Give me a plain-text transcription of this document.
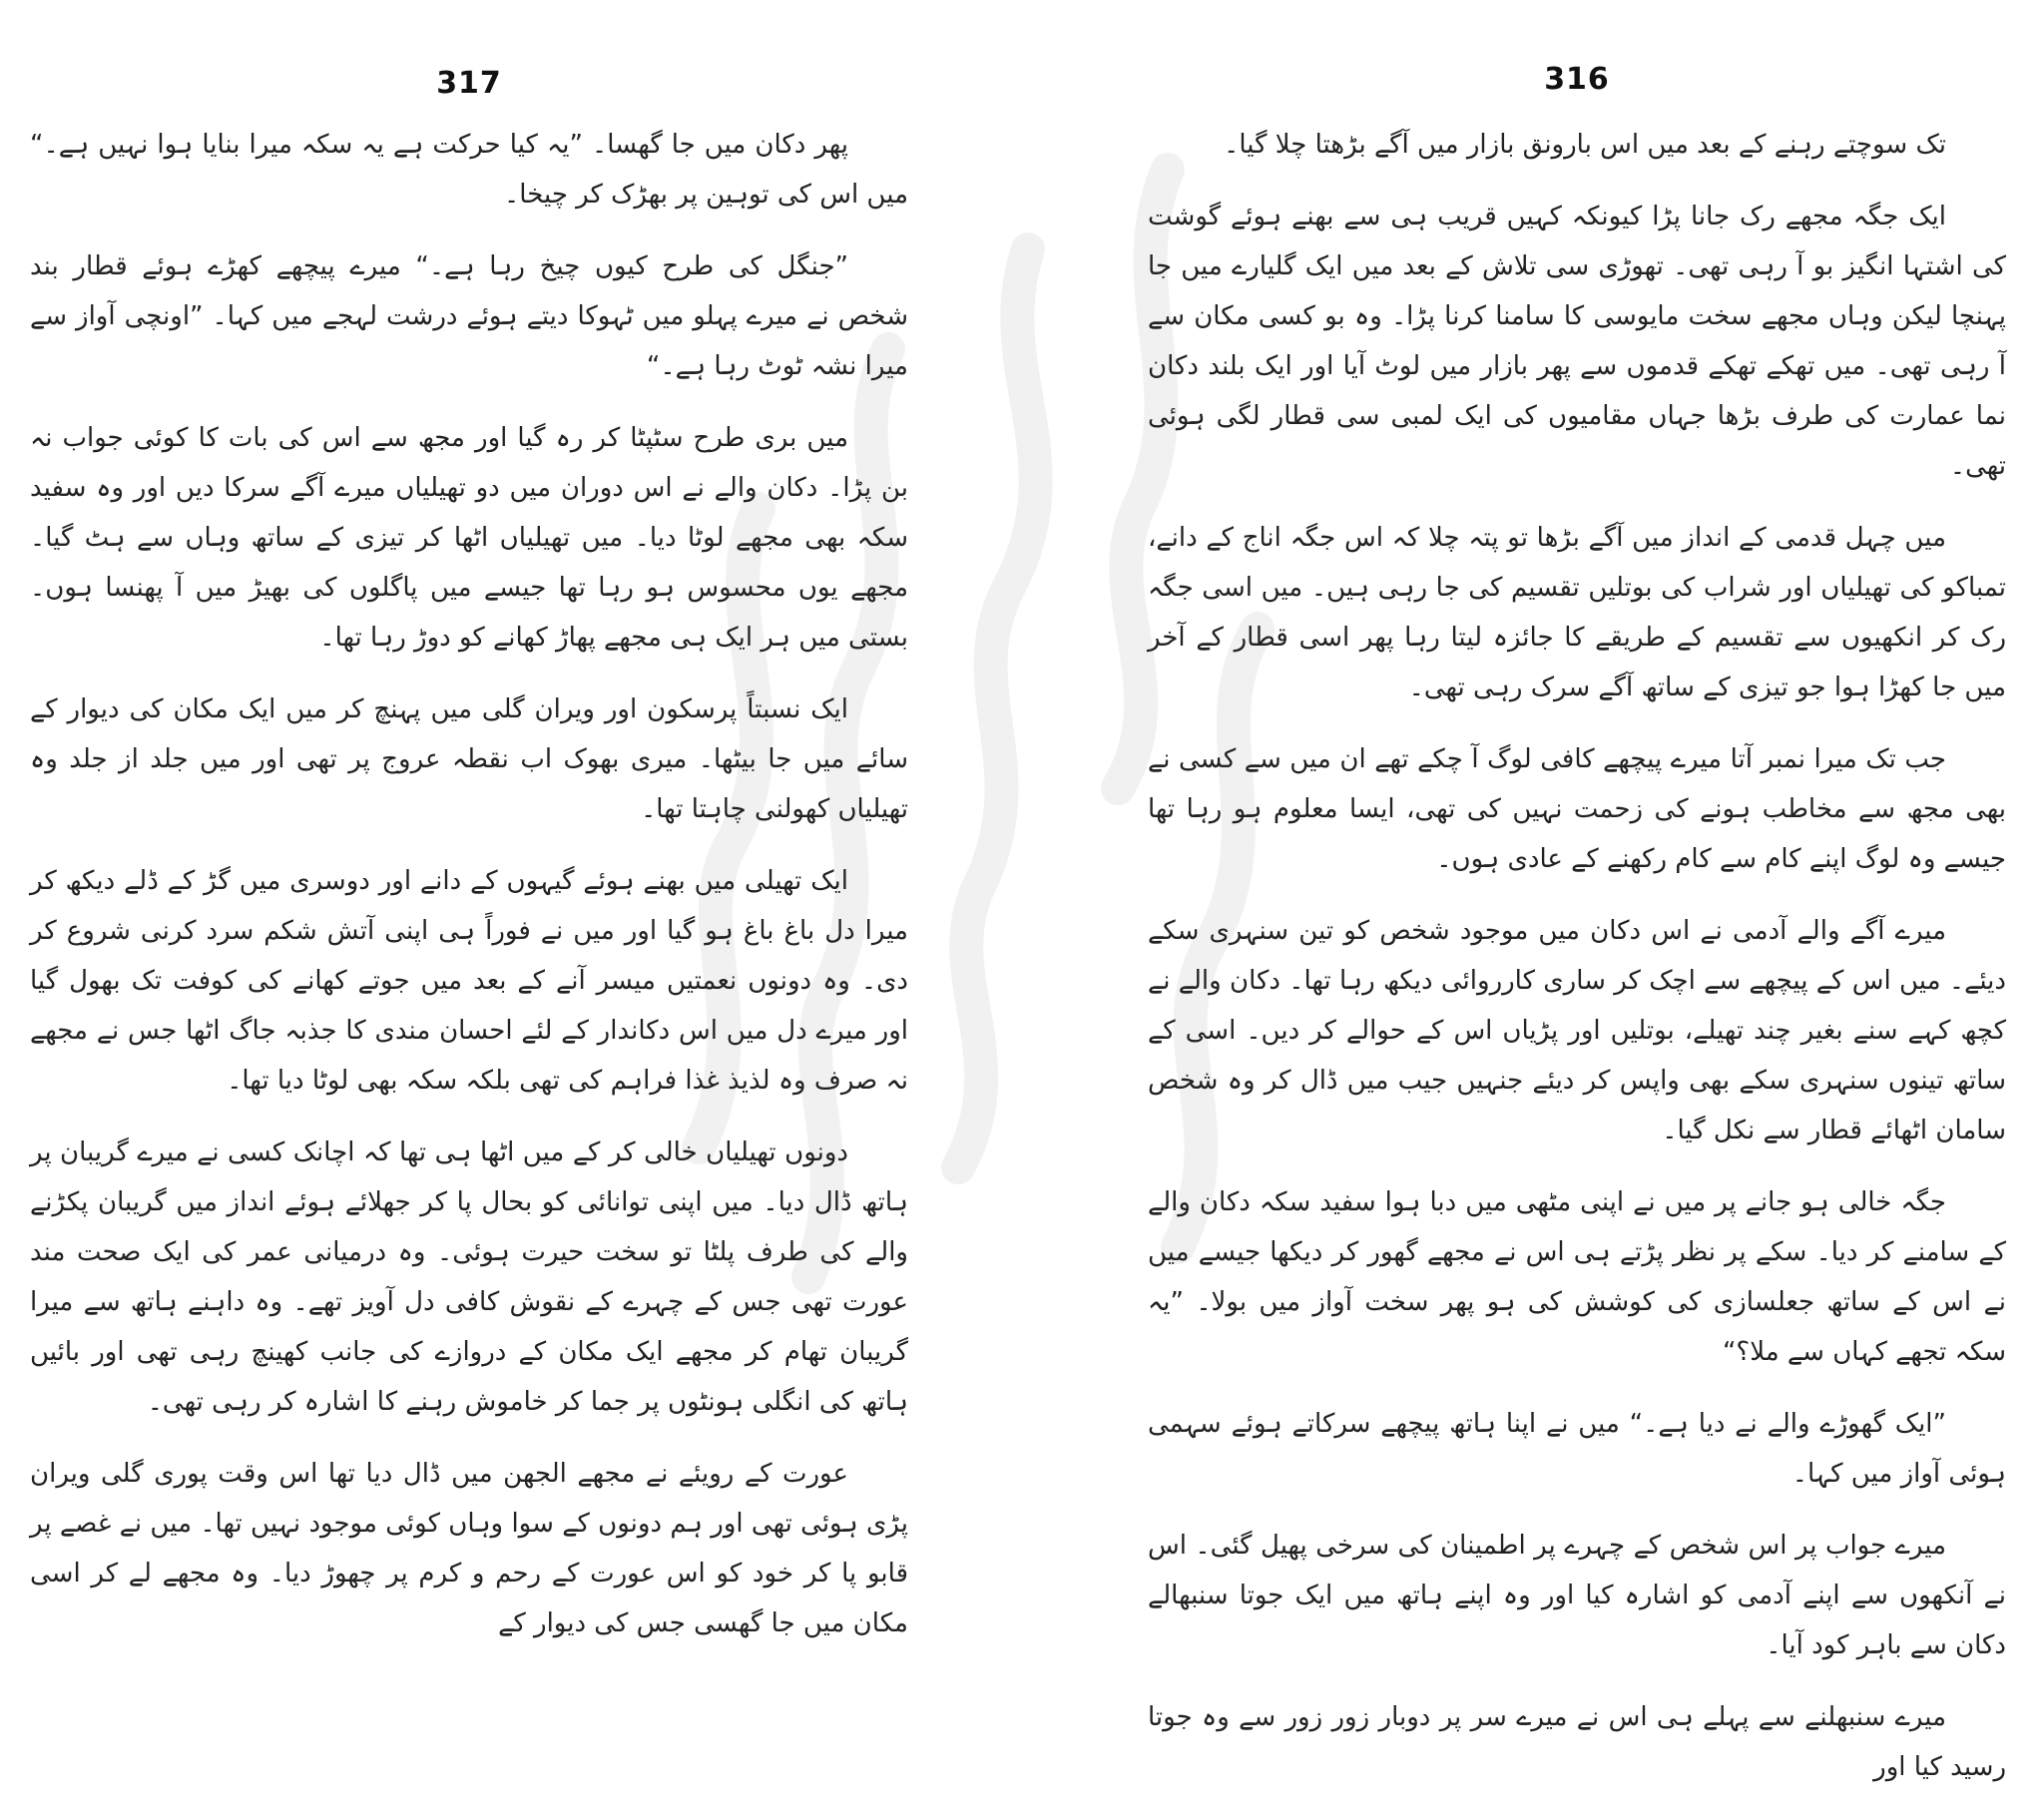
317

پھر دکان میں جا گھسا۔ ”یہ کیا حرکت ہے یہ سکہ میرا بنایا ہوا نہیں ہے۔“ میں اس کی توہین پر بھڑک کر چیخا۔

”جنگل کی طرح کیوں چیخ رہا ہے۔“ میرے پیچھے کھڑے ہوئے قطار بند شخص نے میرے پہلو میں ٹہوکا دیتے ہوئے درشت لہجے میں کہا۔ ”اونچی آواز سے میرا نشہ ٹوٹ رہا ہے۔“

میں بری طرح سٹپٹا کر رہ گیا اور مجھ سے اس کی بات کا کوئی جواب نہ بن پڑا۔ دکان والے نے اس دوران میں دو تھیلیاں میرے آگے سرکا دیں اور وہ سفید سکہ بھی مجھے لوٹا دیا۔ میں تھیلیاں اٹھا کر تیزی کے ساتھ وہاں سے ہٹ گیا۔ مجھے یوں محسوس ہو رہا تھا جیسے میں پاگلوں کی بھیڑ میں آ پھنسا ہوں۔ بستی میں ہر ایک ہی مجھے پھاڑ کھانے کو دوڑ رہا تھا۔

ایک نسبتاً پرسکون اور ویران گلی میں پہنچ کر میں ایک مکان کی دیوار کے سائے میں جا بیٹھا۔ میری بھوک اب نقطہ عروج پر تھی اور میں جلد از جلد وہ تھیلیاں کھولنی چاہتا تھا۔

ایک تھیلی میں بھنے ہوئے گیہوں کے دانے اور دوسری میں گڑ کے ڈلے دیکھ کر میرا دل باغ باغ ہو گیا اور میں نے فوراً ہی اپنی آتش شکم سرد کرنی شروع کر دی۔ وہ دونوں نعمتیں میسر آنے کے بعد میں جوتے کھانے کی کوفت تک بھول گیا اور میرے دل میں اس دکاندار کے لئے احسان مندی کا جذبہ جاگ اٹھا جس نے مجھے نہ صرف وہ لذیذ غذا فراہم کی تھی بلکہ سکہ بھی لوٹا دیا تھا۔

دونوں تھیلیاں خالی کر کے میں اٹھا ہی تھا کہ اچانک کسی نے میرے گریبان پر ہاتھ ڈال دیا۔ میں اپنی توانائی کو بحال پا کر جھلائے ہوئے انداز میں گریبان پکڑنے والے کی طرف پلٹا تو سخت حیرت ہوئی۔ وہ درمیانی عمر کی ایک صحت مند عورت تھی جس کے چہرے کے نقوش کافی دل آویز تھے۔ وہ داہنے ہاتھ سے میرا گریبان تھام کر مجھے ایک مکان کے دروازے کی جانب کھینچ رہی تھی اور بائیں ہاتھ کی انگلی ہونٹوں پر جما کر خاموش رہنے کا اشارہ کر رہی تھی۔

عورت کے رویئے نے مجھے الجھن میں ڈال دیا تھا اس وقت پوری گلی ویران پڑی ہوئی تھی اور ہم دونوں کے سوا وہاں کوئی موجود نہیں تھا۔ میں نے غصے پر قابو پا کر خود کو اس عورت کے رحم و کرم پر چھوڑ دیا۔ وہ مجھے لے کر اسی مکان میں جا گھسی جس کی دیوار کے

316

تک سوچتے رہنے کے بعد میں اس بارونق بازار میں آگے بڑھتا چلا گیا۔

ایک جگہ مجھے رک جانا پڑا کیونکہ کہیں قریب ہی سے بھنے ہوئے گوشت کی اشتہا انگیز بو آ رہی تھی۔ تھوڑی سی تلاش کے بعد میں ایک گلیارے میں جا پہنچا لیکن وہاں مجھے سخت مایوسی کا سامنا کرنا پڑا۔ وہ بو کسی مکان سے آ رہی تھی۔ میں تھکے تھکے قدموں سے پھر بازار میں لوٹ آیا اور ایک بلند دکان نما عمارت کی طرف بڑھا جہاں مقامیوں کی ایک لمبی سی قطار لگی ہوئی تھی۔

میں چہل قدمی کے انداز میں آگے بڑھا تو پتہ چلا کہ اس جگہ اناج کے دانے، تمباکو کی تھیلیاں اور شراب کی بوتلیں تقسیم کی جا رہی ہیں۔ میں اسی جگہ رک کر انکھیوں سے تقسیم کے طریقے کا جائزہ لیتا رہا پھر اسی قطار کے آخر میں جا کھڑا ہوا جو تیزی کے ساتھ آگے سرک رہی تھی۔

جب تک میرا نمبر آتا میرے پیچھے کافی لوگ آ چکے تھے ان میں سے کسی نے بھی مجھ سے مخاطب ہونے کی زحمت نہیں کی تھی، ایسا معلوم ہو رہا تھا جیسے وہ لوگ اپنے کام سے کام رکھنے کے عادی ہوں۔

میرے آگے والے آدمی نے اس دکان میں موجود شخص کو تین سنہری سکے دیئے۔ میں اس کے پیچھے سے اچک کر ساری کارروائی دیکھ رہا تھا۔ دکان والے نے کچھ کہے سنے بغیر چند تھیلے، بوتلیں اور پڑیاں اس کے حوالے کر دیں۔ اسی کے ساتھ تینوں سنہری سکے بھی واپس کر دیئے جنہیں جیب میں ڈال کر وہ شخص سامان اٹھائے قطار سے نکل گیا۔

جگہ خالی ہو جانے پر میں نے اپنی مٹھی میں دبا ہوا سفید سکہ دکان والے کے سامنے کر دیا۔ سکے پر نظر پڑتے ہی اس نے مجھے گھور کر دیکھا جیسے میں نے اس کے ساتھ جعلسازی کی کوشش کی ہو پھر سخت آواز میں بولا۔ ”یہ سکہ تجھے کہاں سے ملا؟“

”ایک گھوڑے والے نے دیا ہے۔“ میں نے اپنا ہاتھ پیچھے سرکاتے ہوئے سہمی ہوئی آواز میں کہا۔

میرے جواب پر اس شخص کے چہرے پر اطمینان کی سرخی پھیل گئی۔ اس نے آنکھوں سے اپنے آدمی کو اشارہ کیا اور وہ اپنے ہاتھ میں ایک جوتا سنبھالے دکان سے باہر کود آیا۔

میرے سنبھلنے سے پہلے ہی اس نے میرے سر پر دوبار زور زور سے وہ جوتا رسید کیا اور
